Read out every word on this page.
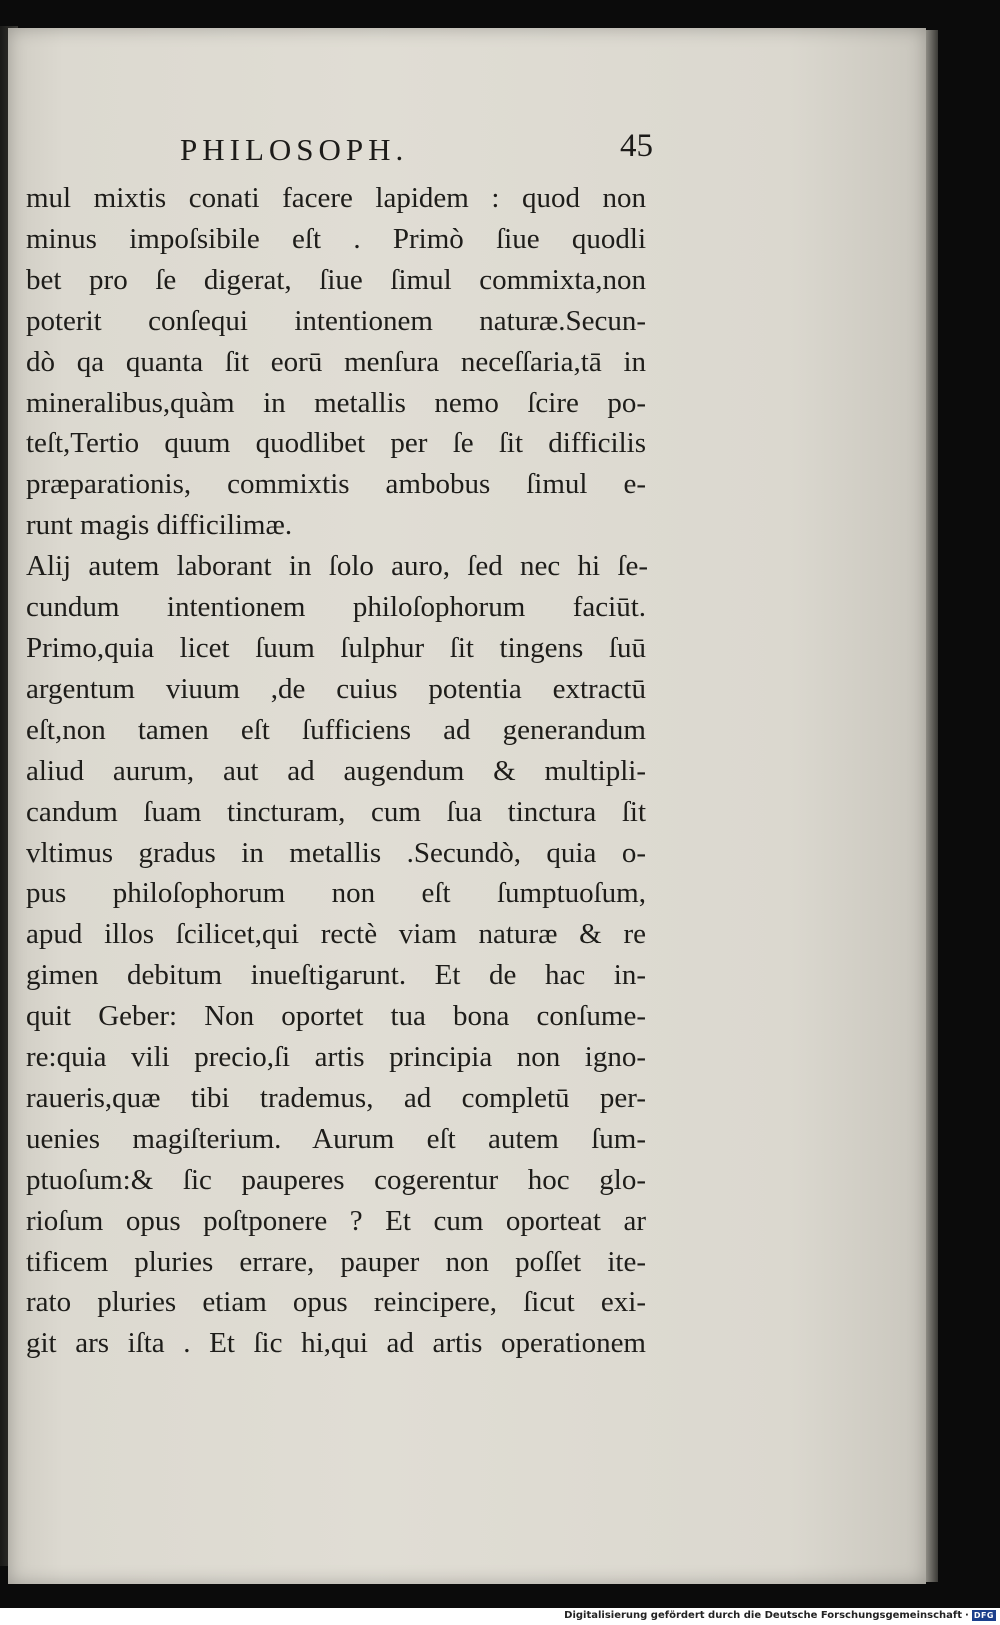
PHILOSOPH.	45
mul mixtis conati facere lapidem : quod non
minus impoſsibile eſt . Primò ſiue quodli
bet pro ſe digerat, ſiue ſimul commixta,non
poterit conſequi intentionem naturæ.Secun-
dò qa quanta ſit eorū menſura neceſſaria,tā in
mineralibus,quàm in metallis nemo ſcire po-
teſt,Tertio quum quodlibet per ſe ſit difficilis
præparationis, commixtis ambobus ſimul e-
runt magis difficilimæ.
Alij autem laborant in ſolo auro, ſed nec hi ſe-
cundum intentionem philoſophorum faciūt.
Primo,quia licet ſuum ſulphur ſit tingens ſuū
argentum viuum ,de cuius potentia extractū
eſt,non tamen eſt ſufficiens ad generandum
aliud aurum, aut ad augendum & multipli-
candum ſuam tincturam, cum ſua tinctura ſit
vltimus gradus in metallis .Secundò, quia o-
pus philoſophorum non eſt ſumptuoſum,
apud illos ſcilicet,qui rectè viam naturæ & re
gimen debitum inueſtigarunt. Et de hac in-
quit Geber: Non oportet tua bona conſume-
re:quia vili precio,ſi artis principia non igno-
raueris,quæ tibi trademus, ad completū per-
uenies magiſterium. Aurum eſt autem ſum-
ptuoſum:& ſic pauperes cogerentur hoc glo-
rioſum opus poſtponere ? Et cum oporteat ar
tificem pluries errare, pauper non poſſet ite-
rato pluries etiam opus reincipere, ſicut exi-
git ars iſta . Et ſic hi,qui ad artis operationem
Digitalisierung gefördert durch die Deutsche Forschungsgemeinschaft · DFG
